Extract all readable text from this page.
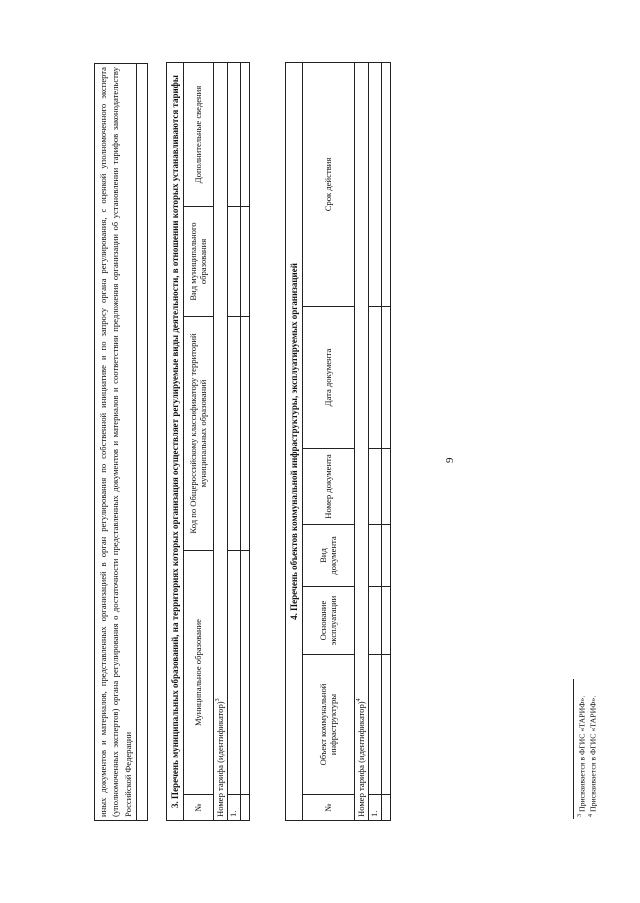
иных документов и материалов, представленных организацией в орган регулирования по собственной инициативе и по запросу органа регулирования, с оценкой уполномоченного эксперта (уполномоченных экспертов) органа регулирования о достаточности представленных документов и материалов и соответствии предложения организации об установлении тарифов законодательству Российской Федерации	3. Перечень муниципальных образований, на территориях которых организация осуществляет регулируемые виды деятельности, в отношении которых устанавливаются тарифы				
№	Муниципальное образование	Код по Общероссийскому классификатору территорий муниципальных образований	Вид муниципального образования	Дополнительные сведения
Номер тарифа (идентификатор)$^3$
1.				

4. Перечень объектов коммунальной инфраструктуры, эксплуатируемых организацией						
№	Объект коммунальной инфраструктуры	Основание эксплуатации	Вид документа	Номер документа	Дата документа	Срок действия
Номер тарифа (идентификатор)$^4$
1.						

9
$^3$ Присваивается в ФГИС «ТАРИФ».
$^4$ Присваивается в ФГИС «ТАРИФ».
